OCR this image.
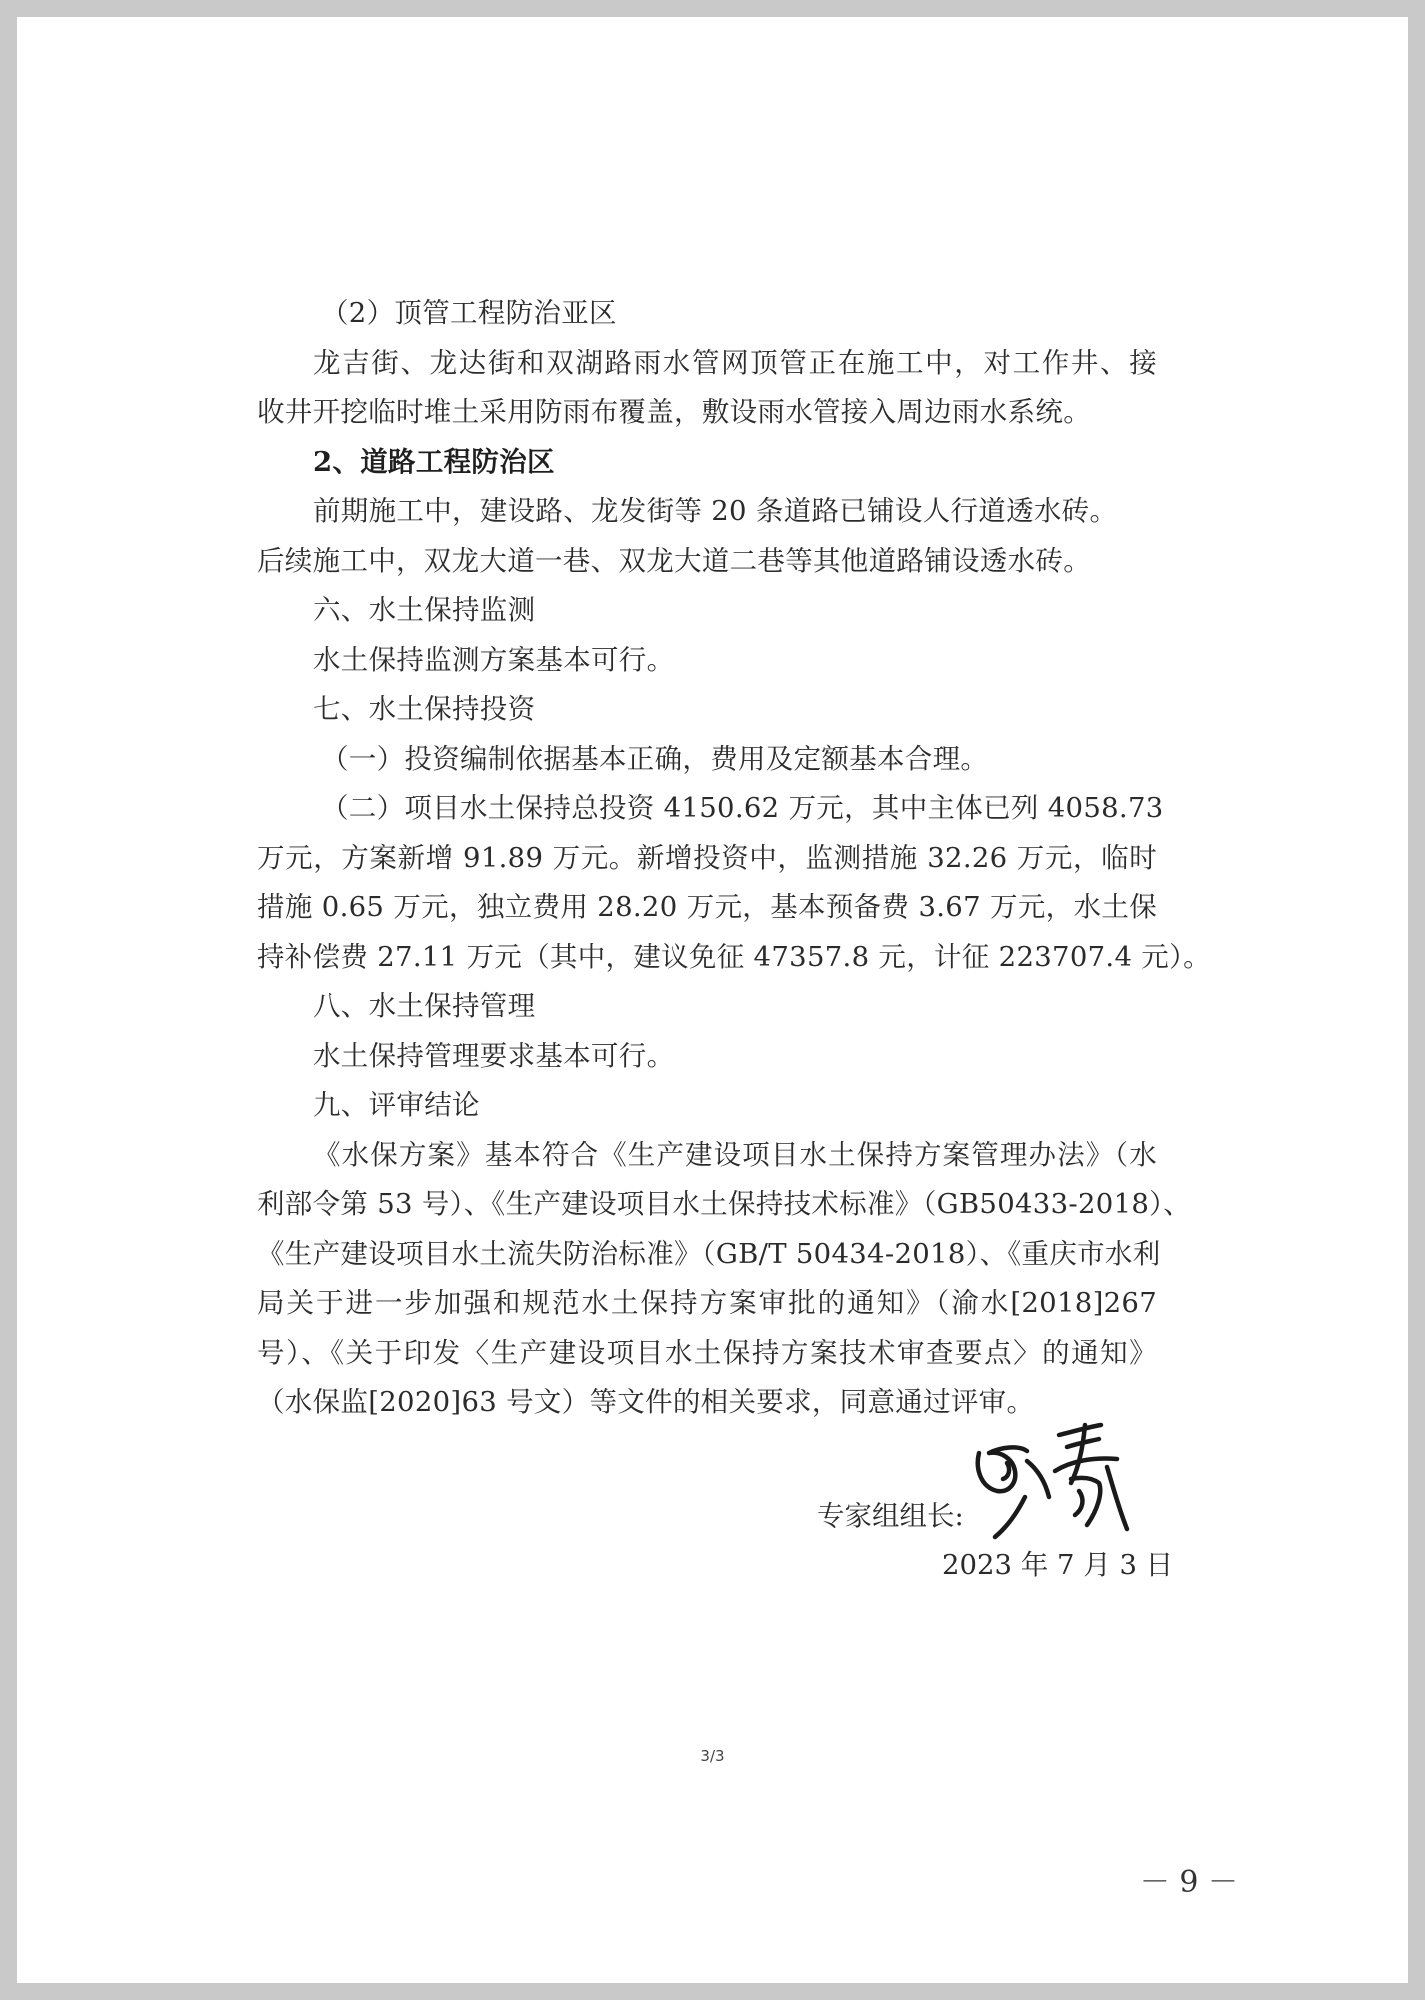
（2）顶管工程防治亚区
龙吉街、龙达街和双湖路雨水管网顶管正在施工中，对工作井、接
收井开挖临时堆土采用防雨布覆盖，敷设雨水管接入周边雨水系统。
2、道路工程防治区
前期施工中，建设路、龙发街等 20 条道路已铺设人行道透水砖。
后续施工中，双龙大道一巷、双龙大道二巷等其他道路铺设透水砖。
六、水土保持监测
水土保持监测方案基本可行。
七、水土保持投资
（一）投资编制依据基本正确，费用及定额基本合理。
（二）项目水土保持总投资 4150.62 万元，其中主体已列 4058.73
万元，方案新增 91.89 万元。新增投资中，监测措施 32.26 万元，临时
措施 0.65 万元，独立费用 28.20 万元，基本预备费 3.67 万元，水土保
持补偿费 27.11 万元（其中，建议免征 47357.8 元，计征 223707.4 元）。
八、水土保持管理
水土保持管理要求基本可行。
九、评审结论
《水保方案》基本符合《生产建设项目水土保持方案管理办法》（水
利部令第 53 号）、《生产建设项目水土保持技术标准》（GB50433-2018）、
《生产建设项目水土流失防治标准》（GB/T 50434-2018）、《重庆市水利
局关于进一步加强和规范水土保持方案审批的通知》（渝水[2018]267
号）、《关于印发〈生产建设项目水土保持方案技术审查要点〉的通知》
（水保监[2020]63 号文）等文件的相关要求，同意通过评审。
专家组组长:
2023 年 7 月 3 日
3/3
－ 9 －
